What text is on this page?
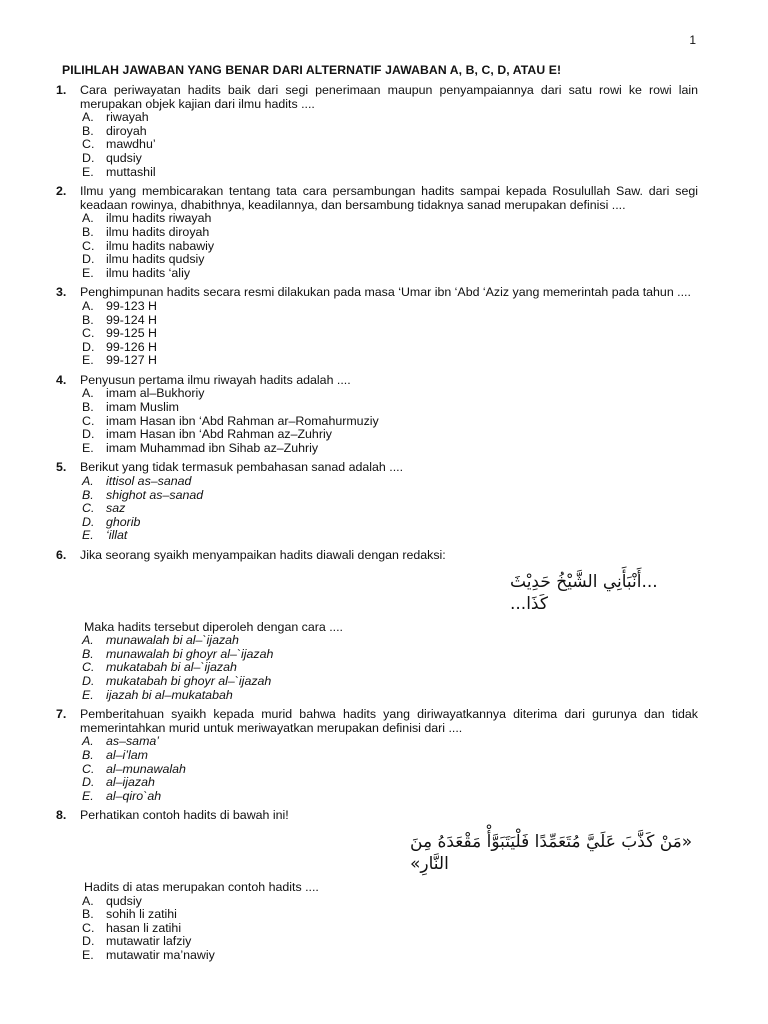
1
PILIHLAH JAWABAN YANG BENAR DARI ALTERNATIF JAWABAN A, B, C, D, ATAU E!
1. Cara periwayatan hadits baik dari segi penerimaan maupun penyampaiannya dari satu rowi ke rowi lain merupakan objek kajian dari ilmu hadits ....
A. riwayah
B. diroyah
C. mawdhu’
D. qudsiy
E. muttashil
2. Ilmu yang membicarakan tentang tata cara persambungan hadits sampai kepada Rosulullah Saw. dari segi keadaan rowinya, dhabithnya, keadilannya, dan bersambung tidaknya sanad merupakan definisi ....
A. ilmu hadits riwayah
B. ilmu hadits diroyah
C. ilmu hadits nabawiy
D. ilmu hadits qudsiy
E. ilmu hadits ‘aliy
3. Penghimpunan hadits secara resmi dilakukan pada masa ‘Umar ibn ‘Abd ‘Aziz yang memerintah pada tahun ....
A. 99-123 H
B. 99-124 H
C. 99-125 H
D. 99-126 H
E. 99-127 H
4. Penyusun pertama ilmu riwayah hadits adalah ....
A. imam al–Bukhoriy
B. imam Muslim
C. imam Hasan ibn ‘Abd Rahman ar–Romahurmuziy
D. imam Hasan ibn ‘Abd Rahman az–Zuhriy
E. imam Muhammad ibn Sihab az–Zuhriy
5. Berikut yang tidak termasuk pembahasan sanad adalah ....
A. ittisol as–sanad
B. shighot as–sanad
C. saz
D. ghorib
E. ‘illat
6. Jika seorang syaikh menyampaikan hadits diawali dengan redaksi:
...أَنْبَأَنِي الشَّيْخُ حَدِيْثَ كَذَا...
Maka hadits tersebut diperoleh dengan cara ....
A. munawalah bi al–`ijazah
B. munawalah bi ghoyr al–`ijazah
C. mukatabah bi al–`ijazah
D. mukatabah bi ghoyr al–`ijazah
E. ijazah bi al–mukatabah
7. Pemberitahuan syaikh kepada murid bahwa hadits yang diriwayatkannya diterima dari gurunya dan tidak memerintahkan murid untuk meriwayatkan merupakan definisi dari ....
A. as–sama’
B. al–i’lam
C. al–munawalah
D. al–ijazah
E. al–qiro`ah
8. Perhatikan contoh hadits di bawah ini!
«مَنْ كَذَّبَ عَلَيَّ مُتَعَمِّدًا فَلْيَتَبَوَّأْ مَقْعَدَهُ مِنَ النَّارِ»
Hadits di atas merupakan contoh hadits ....
A. qudsiy
B. sohih li zatihi
C. hasan li zatihi
D. mutawatir lafziy
E. mutawatir ma’nawiy
